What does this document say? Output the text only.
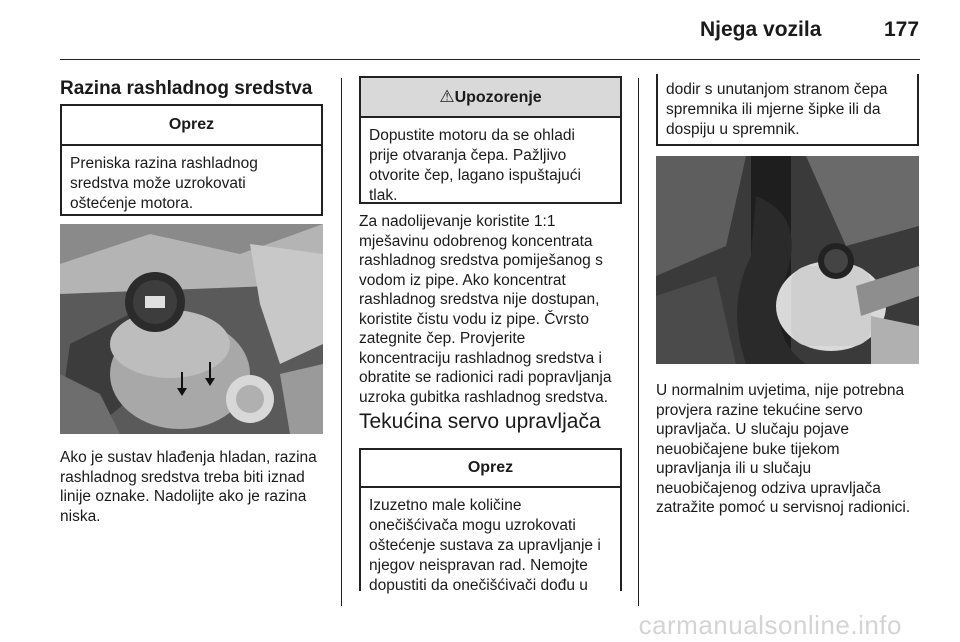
Njega vozila	177
Razina rashladnog sredstva
Oprez
Preniska razina rashladnog
sredstva može uzrokovati
oštećenje motora.
Ako je sustav hlađenja hladan, razina
rashladnog sredstva treba biti iznad
linije oznake. Nadolijte ako je razina
niska.
⚠Upozorenje
Dopustite motoru da se ohladi
prije otvaranja čepa. Pažljivo
otvorite čep, lagano ispuštajući
tlak.
Za nadolijevanje koristite 1:1
mješavinu odobrenog koncentrata
rashladnog sredstva pomiješanog s
vodom iz pipe. Ako koncentrat
rashladnog sredstva nije dostupan,
koristite čistu vodu iz pipe. Čvrsto
zategnite čep. Provjerite
koncentraciju rashladnog sredstva i
obratite se radionici radi popravljanja
uzroka gubitka rashladnog sredstva.
Tekućina servo upravljača
Oprez
Izuzetno male količine
onečišćivača mogu uzrokovati
oštećenje sustava za upravljanje i
njegov neispravan rad. Nemojte
dopustiti da onečišćivači dođu u
dodir s unutanjom stranom čepa
spremnika ili mjerne šipke ili da
dospiju u spremnik.
U normalnim uvjetima, nije potrebna
provjera razine tekućine servo
upravljača. U slučaju pojave
neuobičajene buke tijekom
upravljanja ili u slučaju
neuobičajenog odziva upravljača
zatražite pomoć u servisnoj radionici.
carmanualsonline.info
